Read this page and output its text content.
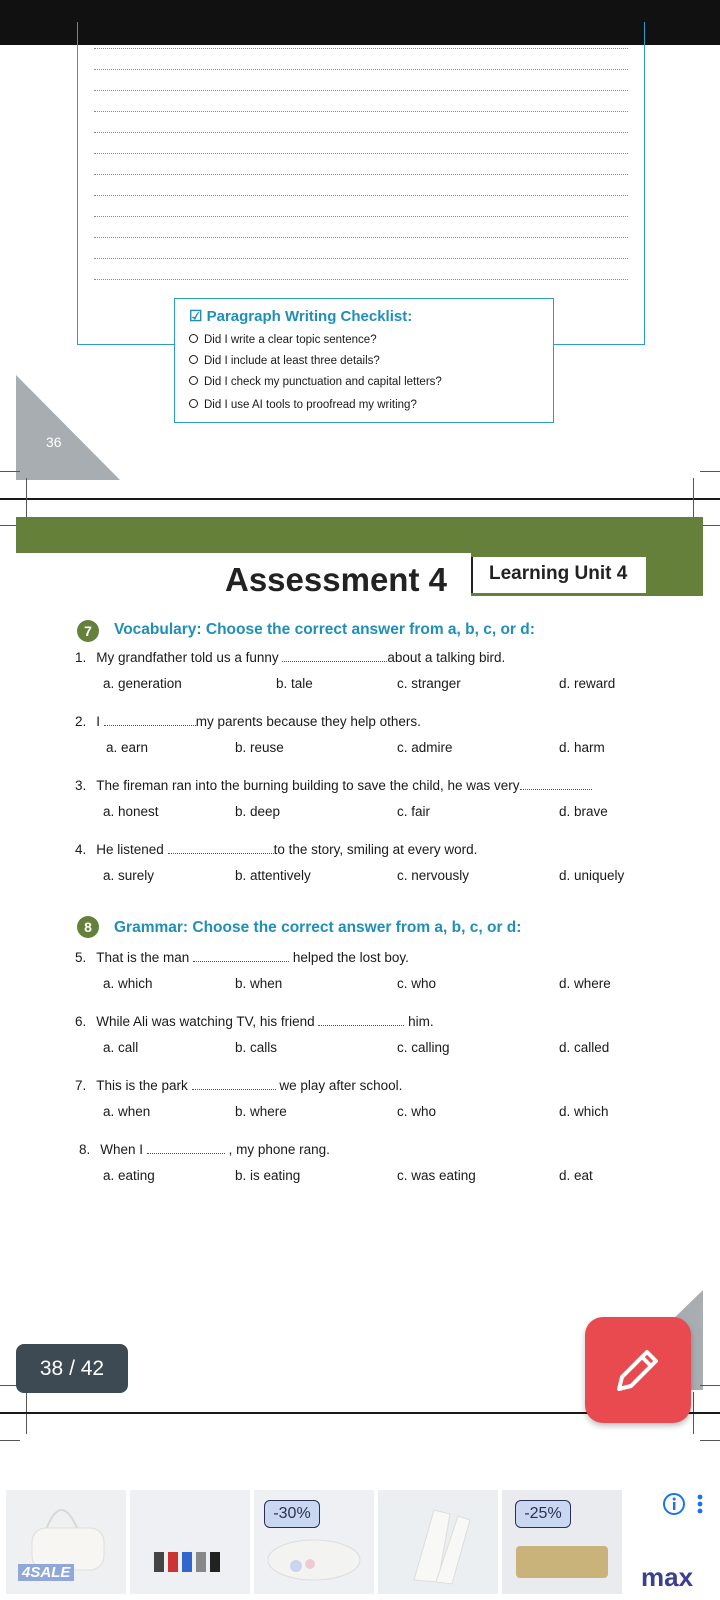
36
☑ Paragraph Writing Checklist:
Did I write a clear topic sentence?
Did I include at least three details?
Did I check my punctuation and capital letters?
Did I use AI tools to proofread my writing?
Assessment 4 Learning Unit 4
7	Vocabulary: Choose the correct answer from a, b, c, or d:
1. My grandfather told us a funny	about a talking bird.
a. generation	b. tale	c. stranger	d. reward
2. I	my parents because they help others.
a. earn	b. reuse	c. admire	d. harm
3. The fireman ran into the burning building to save the child, he was very
a. honest	b. deep	c. fair	d. brave
4. He listened	to the story, smiling at every word.
a. surely	b. attentively	c. nervously	d. uniquely
8	Grammar: Choose the correct answer from a, b, c, or d:
5. That is the man	helped the lost boy.
a. which	b. when	c. who	d. where
6. While Ali was watching TV, his friend	him.
a. call	b. calls	c. calling	d. called
7. This is the park	we play after school.
a. when	b. where	c. who	d. which
8. When I	, my phone rang.
a. eating	b. is eating	c. was eating	d. eat
38 / 42
4SALE
-30%	-25%
max
